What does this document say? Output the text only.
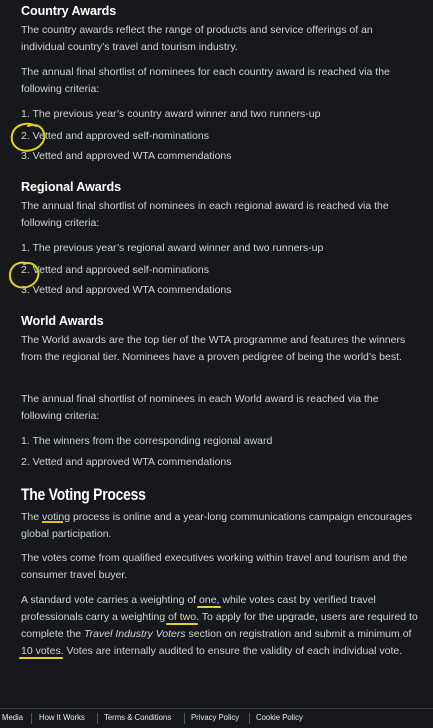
Country Awards

The country awards reflect the range of products and service offerings of an individual country’s travel and tourism industry.

The annual final shortlist of nominees for each country award is reached via the following criteria:

1. The previous year’s country award winner and two runners-up
2. Vetted and approved self-nominations
3. Vetted and approved WTA commendations
Regional Awards

The annual final shortlist of nominees in each regional award is reached via the following criteria:

1. The previous year’s regional award winner and two runners-up
2. Vetted and approved self-nominations
3. Vetted and approved WTA commendations
World Awards

The World awards are the top tier of the WTA programme and features the winners from the regional tier. Nominees have a proven pedigree of being the world’s best.

The annual final shortlist of nominees in each World award is reached via the following criteria:

1. The winners from the corresponding regional award
2. Vetted and approved WTA commendations
The Voting Process

The voting process is online and a year-long communications campaign encourages global participation.

The votes come from qualified executives working within travel and tourism and the consumer travel buyer.

A standard vote carries a weighting of one, while votes cast by verified travel professionals carry a weighting of two. To apply for the upgrade, users are required to complete the Travel Industry Voters section on registration and submit a minimum of 10 votes. Votes are internally audited to ensure the validity of each individual vote.

Media How It Works Terms & Conditions Privacy Policy Cookie Policy
